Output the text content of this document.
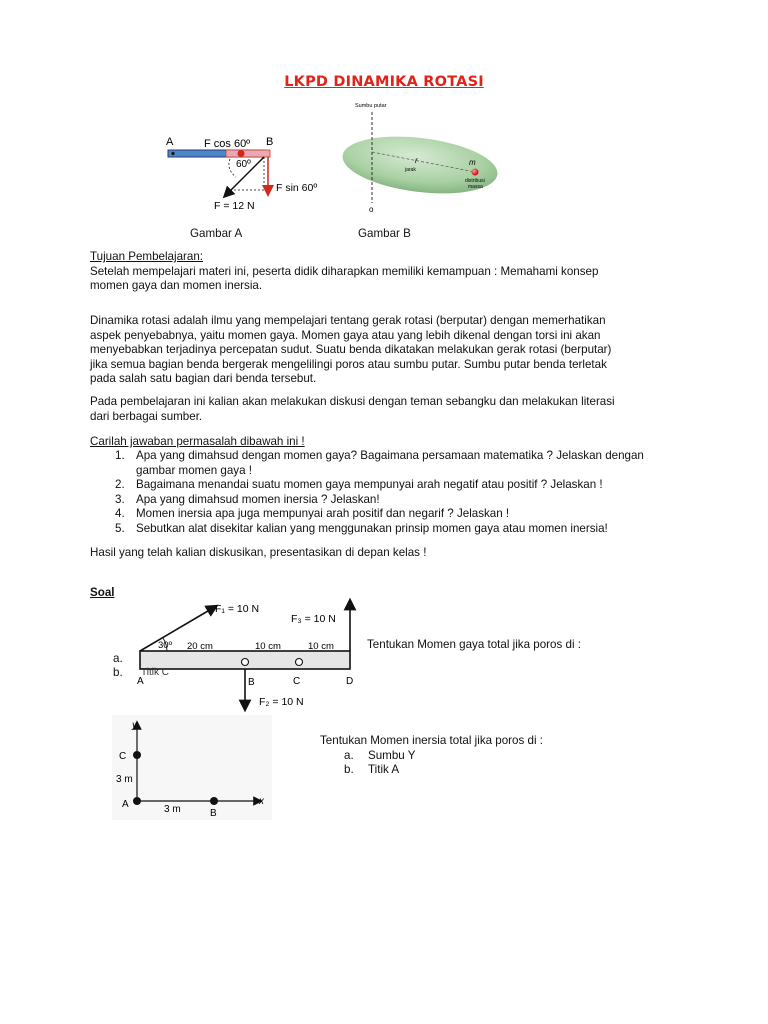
LKPD DINAMIKA ROTASI
A	B
F cos 60º
60º
F sin 60º
F = 12 N
Gambar A
Sumbu putar
r
jarak
m
distribusi
massa
o
Gambar B
Tujuan Pembelajaran:
Setelah mempelajari materi ini, peserta didik diharapkan memiliki kemampuan : Memahami konsep
momen gaya dan momen inersia.
Dinamika rotasi adalah ilmu yang mempelajari tentang gerak rotasi (berputar) dengan memerhatikan
aspek penyebabnya, yaitu momen gaya. Momen gaya atau yang lebih dikenal dengan torsi ini akan
menyebabkan terjadinya percepatan sudut. Suatu benda dikatakan melakukan gerak rotasi (berputar)
jika semua bagian benda bergerak mengelilingi poros atau sumbu putar. Sumbu putar benda terletak
pada salah satu bagian dari benda tersebut.
Pada pembelajaran ini kalian akan melakukan diskusi dengan teman sebangku dan melakukan literasi
dari berbagai sumber.
Carilah jawaban permasalah dibawah ini !
1. Apa yang dimahsud dengan momen gaya? Bagaimana persamaan matematika ? Jelaskan dengan
gambar momen gaya !
2. Bagaimana menandai suatu momen gaya mempunyai arah negatif atau positif ? Jelaskan !
3. Apa yang dimahsud momen inersia ? Jelaskan!
4. Momen inersia apa juga mempunyai arah positif dan negarif ? Jelaskan !
5. Sebutkan alat disekitar kalian yang menggunakan prinsip momen gaya atau momen inersia!
Hasil yang telah kalian diskusikan, presentasikan di depan kelas !
Soal
F₁ = 10 N
30º
F₃ = 10 N
20 cm	10 cm	10 cm
F₂ = 10 N
A	B	C	D
Titik C
a.
b.
Tentukan Momen gaya total jika poros di :
y
x
C
3 m
A	3 m	B
Tentukan Momen inersia total jika poros di :
a. Sumbu Y
b. Titik A
